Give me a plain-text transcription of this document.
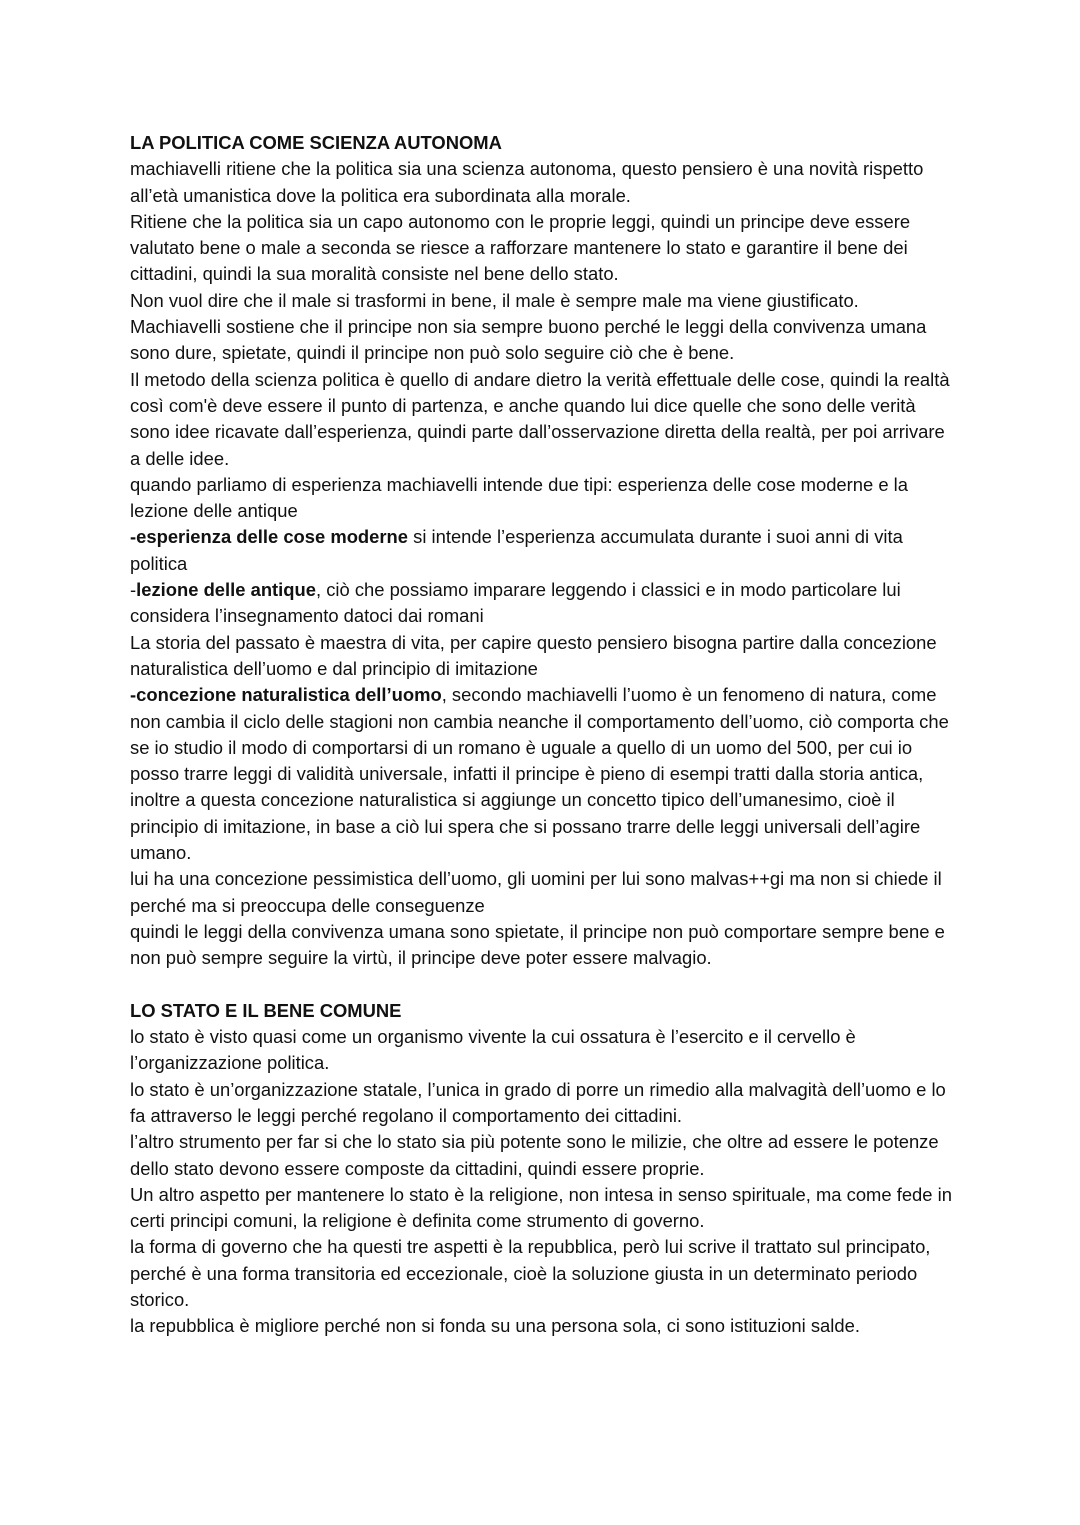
LA POLITICA COME SCIENZA AUTONOMA

machiavelli ritiene che la politica sia una scienza autonoma, questo pensiero è una novità rispetto all’età umanistica dove la politica era subordinata alla morale.

Ritiene che la politica sia un capo autonomo con le proprie leggi, quindi un principe deve essere valutato bene o male a seconda se riesce a rafforzare mantenere lo stato e garantire il bene dei cittadini, quindi la sua moralità consiste nel bene dello stato.

Non vuol dire che il male si trasformi in bene, il male è sempre male ma viene giustificato.

Machiavelli sostiene che il principe non sia sempre buono perché le leggi della convivenza umana sono dure, spietate, quindi il principe non può solo seguire ciò che è bene.

Il metodo della scienza politica è quello di andare dietro la verità effettuale delle cose, quindi la realtà così com'è deve essere il punto di partenza, e anche quando lui dice quelle che sono delle verità sono idee ricavate dall’esperienza, quindi parte dall’osservazione diretta della realtà, per poi arrivare a delle idee.

quando parliamo di esperienza machiavelli intende due tipi: esperienza delle cose moderne e la lezione delle antique

-esperienza delle cose moderne si intende l’esperienza accumulata durante i suoi anni di vita politica

-lezione delle antique, ciò che possiamo imparare leggendo i classici e in modo particolare lui considera l’insegnamento datoci dai romani

La storia del passato è maestra di vita, per capire questo pensiero bisogna partire dalla concezione naturalistica dell’uomo e dal principio di imitazione

-concezione naturalistica dell’uomo, secondo machiavelli l’uomo è un fenomeno di natura, come non cambia il ciclo delle stagioni non cambia neanche il comportamento dell’uomo, ciò comporta che se io studio il modo di comportarsi di un romano è uguale a quello di un uomo del 500, per cui io posso trarre leggi di validità universale, infatti il principe è pieno di esempi tratti dalla storia antica, inoltre a questa concezione naturalistica si aggiunge un concetto tipico dell’umanesimo, cioè il principio di imitazione, in base a ciò lui spera che si possano trarre delle leggi universali dell’agire umano.

lui ha una concezione pessimistica dell’uomo, gli uomini per lui sono malvas++gi ma non si chiede il perché ma si preoccupa delle conseguenze

quindi le leggi della convivenza umana sono spietate, il principe non può comportare sempre bene e non può sempre seguire la virtù, il principe deve poter essere malvagio.

LO STATO E IL BENE COMUNE

lo stato è visto quasi come un organismo vivente la cui ossatura è l’esercito e il cervello è l’organizzazione politica.

lo stato è un’organizzazione statale, l’unica in grado di porre un rimedio alla malvagità dell’uomo e lo fa attraverso le leggi perché regolano il comportamento dei cittadini.

l’altro strumento per far si che lo stato sia più potente sono le milizie, che oltre ad essere le potenze dello stato devono essere composte da cittadini, quindi essere proprie.

Un altro aspetto per mantenere lo stato è la religione, non intesa in senso spirituale, ma come fede in certi principi comuni, la religione è definita come strumento di governo.

la forma di governo che ha questi tre aspetti è la repubblica, però lui scrive il trattato sul principato, perché è una forma transitoria ed eccezionale, cioè la soluzione giusta in un determinato periodo storico.

la repubblica è migliore perché non si fonda su una persona sola, ci sono istituzioni salde.
